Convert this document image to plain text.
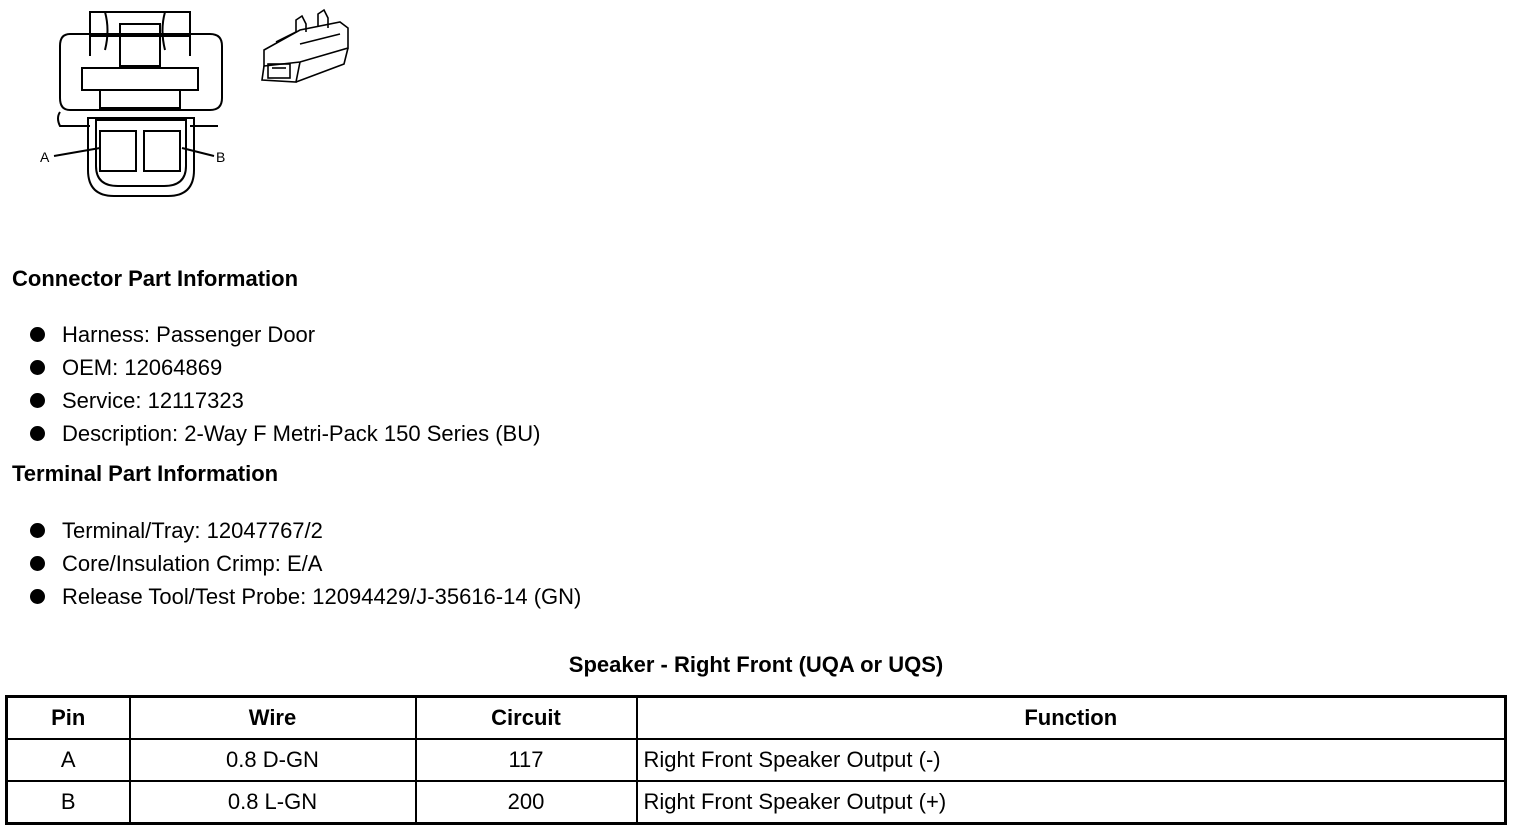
A	B
Connector Part Information
Harness: Passenger Door
OEM: 12064869
Service: 12117323
Description: 2-Way F Metri-Pack 150 Series (BU)
Terminal Part Information
Terminal/Tray: 12047767/2
Core/Insulation Crimp: E/A
Release Tool/Test Probe: 12094429/J-35616-14 (GN)
Speaker - Right Front (UQA or UQS)
Pin	Wire	Circuit	Function
A	0.8 D-GN	117	Right Front Speaker Output (-)
B	0.8 L-GN	200	Right Front Speaker Output (+)
